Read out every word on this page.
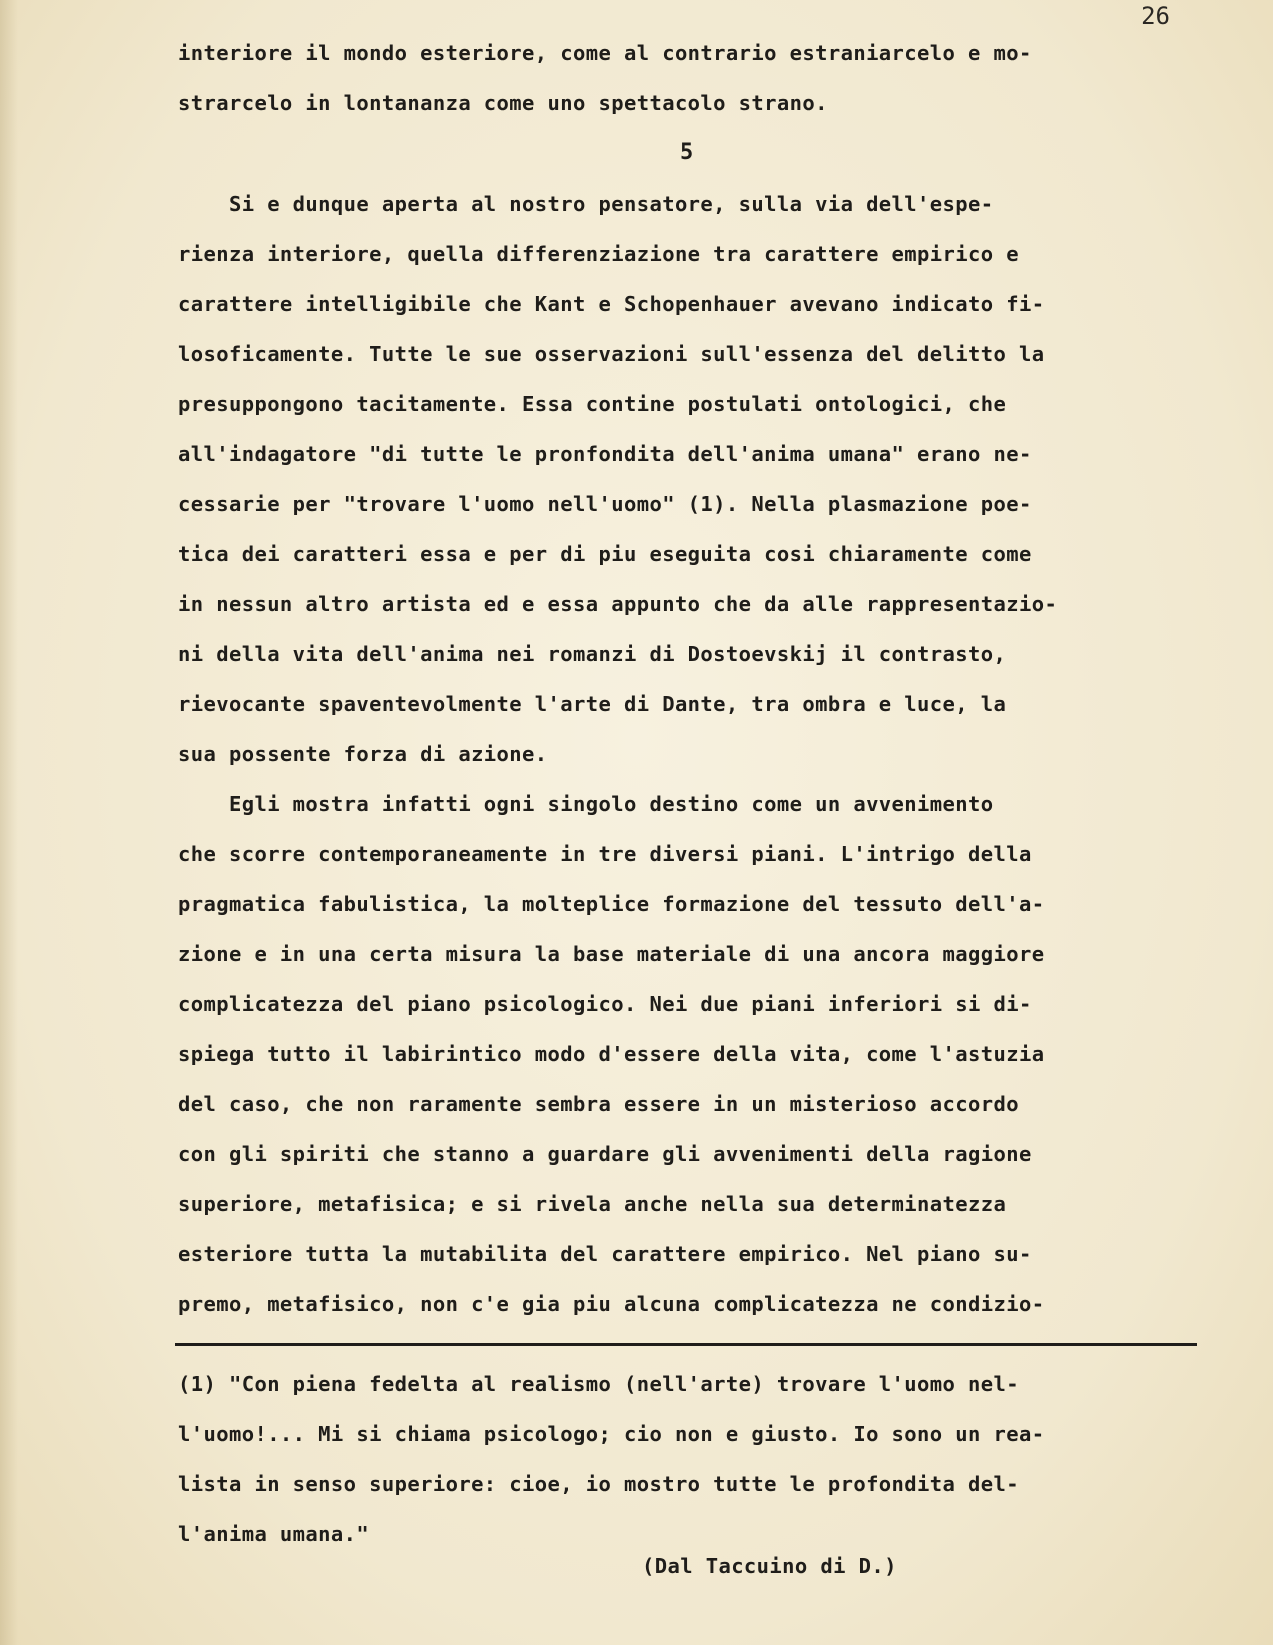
26
interiore il mondo esteriore, come al contrario estraniarcelo e mo-
strarcelo in lontananza come uno spettacolo strano.
5
Si e dunque aperta al nostro pensatore, sulla via dell'espe-
rienza interiore, quella differenziazione tra carattere empirico e
carattere intelligibile che Kant e Schopenhauer avevano indicato fi-
losoficamente. Tutte le sue osservazioni sull'essenza del delitto la
presuppongono tacitamente. Essa contine postulati ontologici, che
all'indagatore "di tutte le pronfondita dell'anima umana" erano ne-
cessarie per "trovare l'uomo nell'uomo" (1). Nella plasmazione poe-
tica dei caratteri essa e per di piu eseguita cosi chiaramente come
in nessun altro artista ed e essa appunto che da alle rappresentazio-
ni della vita dell'anima nei romanzi di Dostoevskij il contrasto,
rievocante spaventevolmente l'arte di Dante, tra ombra e luce, la
sua possente forza di azione.
Egli mostra infatti ogni singolo destino come un avvenimento
che scorre contemporaneamente in tre diversi piani. L'intrigo della
pragmatica fabulistica, la molteplice formazione del tessuto dell'a-
zione e in una certa misura la base materiale di una ancora maggiore
complicatezza del piano psicologico. Nei due piani inferiori si di-
spiega tutto il labirintico modo d'essere della vita, come l'astuzia
del caso, che non raramente sembra essere in un misterioso accordo
con gli spiriti che stanno a guardare gli avvenimenti della ragione
superiore, metafisica; e si rivela anche nella sua determinatezza
esteriore tutta la mutabilita del carattere empirico. Nel piano su-
premo, metafisico, non c'e gia piu alcuna complicatezza ne condizio-
(1) "Con piena fedelta al realismo (nell'arte) trovare l'uomo nel-
l'uomo!... Mi si chiama psicologo; cio non e giusto. Io sono un rea-
lista in senso superiore: cioe, io mostro tutte le profondita del-
l'anima umana."
(Dal Taccuino di D.)
